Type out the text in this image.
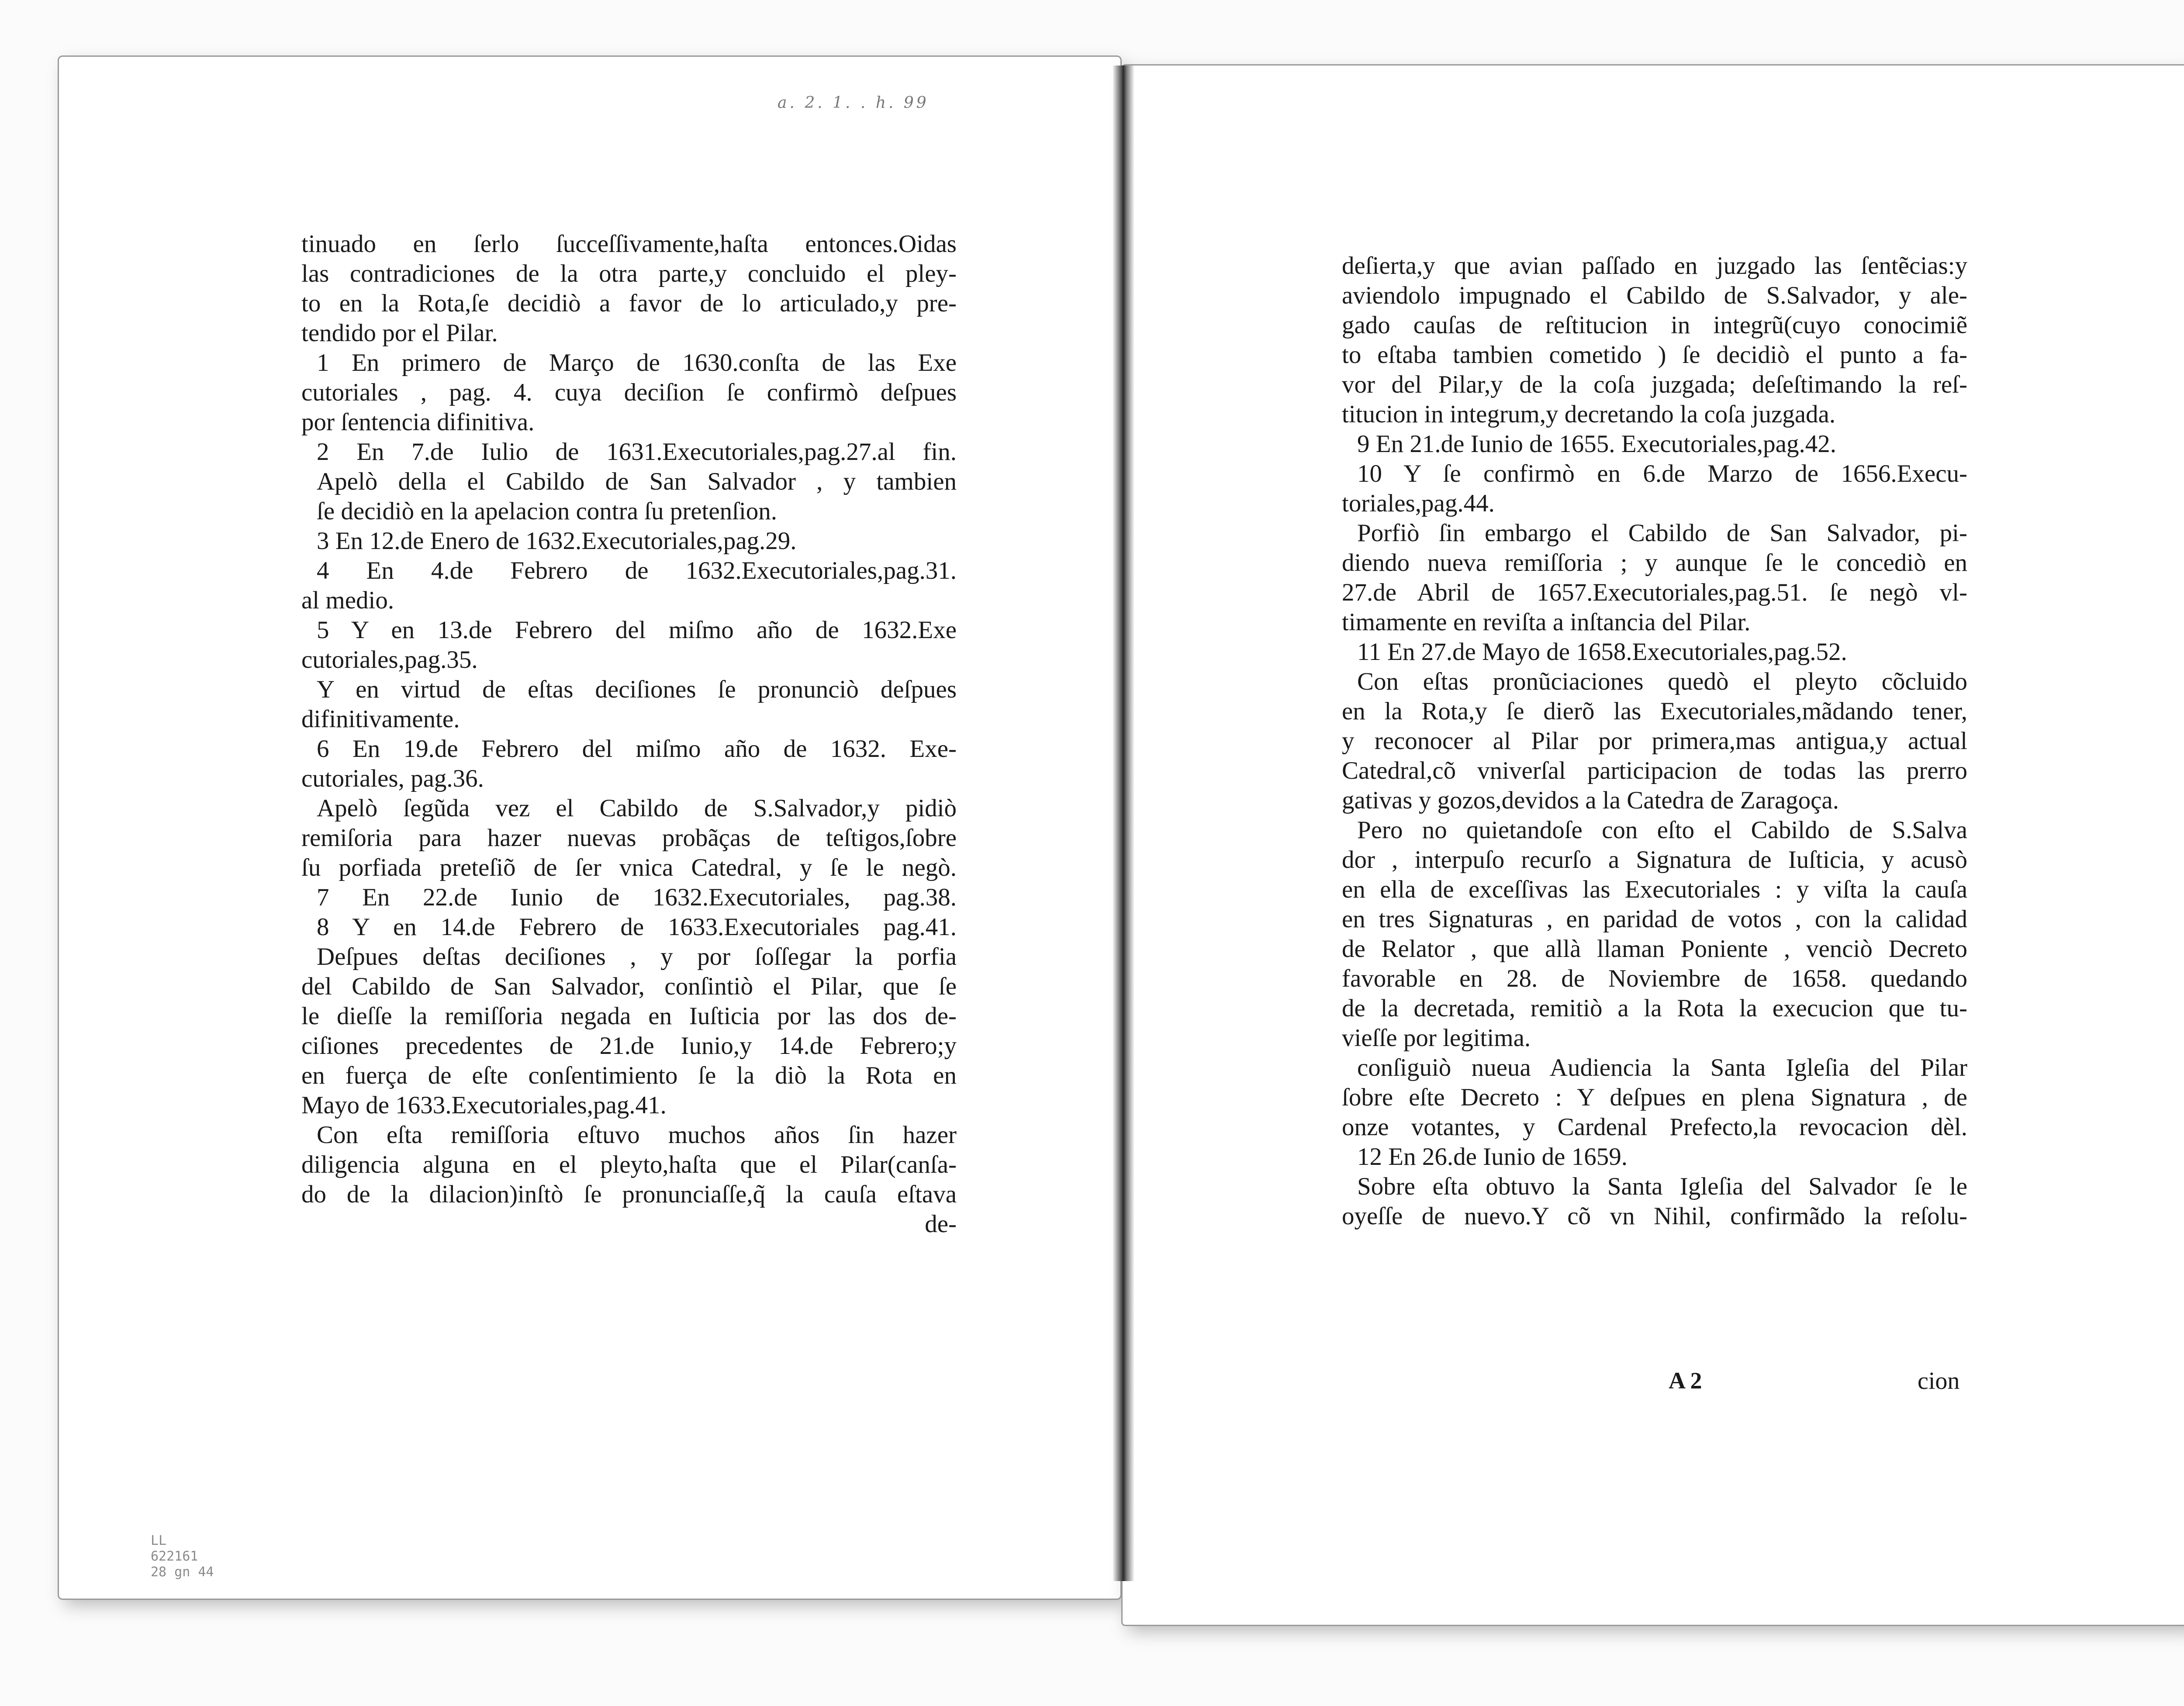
a. 2. 1. . h. 99
LL
622161
28 gn 44
tinuado en ſerlo ſucceſſivamente,haſta entonces.Oidas
las contradiciones de la otra parte,y concluido el pley-
to en la Rota,ſe decidiò a favor de lo articulado,y pre-
tendido por el Pilar.
1 En primero de Março de 1630.conſta de las Exe
cutoriales , pag. 4. cuya deciſion ſe confirmò deſpues
por ſentencia difinitiva.
2 En 7.de Iulio de 1631.Executoriales,pag.27.al fin.
Apelò della el Cabildo de San Salvador , y tambien
ſe decidiò en la apelacion contra ſu pretenſion.
3 En 12.de Enero de 1632.Executoriales,pag.29.
4 En 4.de Febrero de 1632.Executoriales,pag.31.
al medio.
5 Y en 13.de Febrero del miſmo año de 1632.Exe
cutoriales,pag.35.
Y en virtud de eſtas deciſiones ſe pronunciò deſpues
difinitivamente.
6 En 19.de Febrero del miſmo año de 1632. Exe-
cutoriales, pag.36.
Apelò ſegũda vez el Cabildo de S.Salvador,y pidiò
remiſoria para hazer nuevas probãças de teſtigos,ſobre
ſu porfiada preteſiõ de ſer vnica Catedral, y ſe le negò.
7 En 22.de Iunio de 1632.Executoriales, pag.38.
8 Y en 14.de Febrero de 1633.Executoriales pag.41.
Deſpues deſtas deciſiones , y por ſoſſegar la porfia
del Cabildo de San Salvador, conſintiò el Pilar, que ſe
le dieſſe la remiſſoria negada en Iuſticia por las dos de-
ciſiones precedentes de 21.de Iunio,y 14.de Febrero;y
en fuerça de eſte conſentimiento ſe la diò la Rota en
Mayo de 1633.Executoriales,pag.41.
Con eſta remiſſoria eſtuvo muchos años ſin hazer
diligencia alguna en el pleyto,haſta que el Pilar(canſa-
do de la dilacion)inſtò ſe pronunciaſſe,q̃ la cauſa eſtava
de-
deſierta,y que avian paſſado en juzgado las ſentẽcias:y
aviendolo impugnado el Cabildo de S.Salvador, y ale-
gado cauſas de reſtitucion in integrũ(cuyo conocimiẽ
to eſtaba tambien cometido ) ſe decidiò el punto a fa-
vor del Pilar,y de la coſa juzgada; deſeſtimando la reſ-
titucion in integrum,y decretando la coſa juzgada.
9 En 21.de Iunio de 1655. Executoriales,pag.42.
10 Y ſe confirmò en 6.de Marzo de 1656.Execu-
toriales,pag.44.
Porfiò ſin embargo el Cabildo de San Salvador, pi-
diendo nueva remiſſoria ; y aunque ſe le concediò en
27.de Abril de 1657.Executoriales,pag.51. ſe negò vl-
timamente en reviſta a inſtancia del Pilar.
11 En 27.de Mayo de 1658.Executoriales,pag.52.
Con eſtas pronũciaciones quedò el pleyto cõcluido
en la Rota,y ſe dierõ las Executoriales,mãdando tener,
y reconocer al Pilar por primera,mas antigua,y actual
Catedral,cõ vniverſal participacion de todas las prerro
gativas y gozos,devidos a la Catedra de Zaragoça.
Pero no quietandoſe con eſto el Cabildo de S.Salva
dor , interpuſo recurſo a Signatura de Iuſticia, y acusò
en ella de exceſſivas las Executoriales : y viſta la cauſa
en tres Signaturas , en paridad de votos , con la calidad
de Relator , que allà llaman Poniente , venciò Decreto
favorable en 28. de Noviembre de 1658. quedando
de la decretada, remitiò a la Rota la execucion que tu-
vieſſe por legitima.
conſiguiò nueua Audiencia la Santa Igleſia del Pilar
ſobre eſte Decreto : Y deſpues en plena Signatura , de
onze votantes, y Cardenal Prefecto,la revocacion dèl.
12 En 26.de Iunio de 1659.
Sobre eſta obtuvo la Santa Igleſia del Salvador ſe le
oyeſſe de nuevo.Y cõ vn Nihil, confirmãdo la reſolu-
A 2	cion
